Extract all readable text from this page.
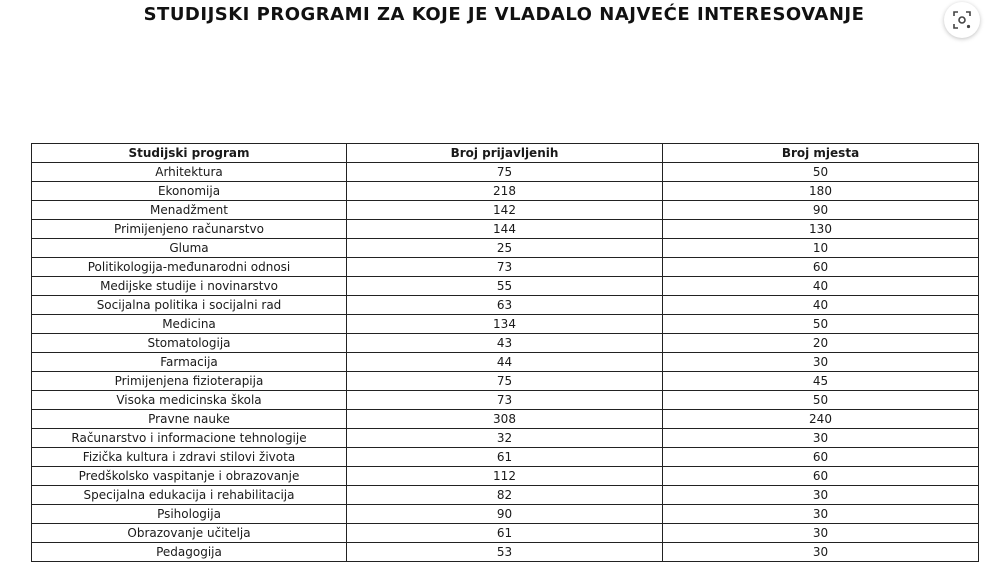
STUDIJSKI PROGRAMI ZA KOJE JE VLADALO NAJVEĆE INTERESOVANJE
Studijski program	Broj prijavljenih	Broj mjesta
Arhitektura	75	50
Ekonomija	218	180
Menadžment	142	90
Primijenjeno računarstvo	144	130
Gluma	25	10
Politikologija-međunarodni odnosi	73	60
Medijske studije i novinarstvo	55	40
Socijalna politika i socijalni rad	63	40
Medicina	134	50
Stomatologija	43	20
Farmacija	44	30
Primijenjena fizioterapija	75	45
Visoka medicinska škola	73	50
Pravne nauke	308	240
Računarstvo i informacione tehnologije	32	30
Fizička kultura i zdravi stilovi života	61	60
Predškolsko vaspitanje i obrazovanje	112	60
Specijalna edukacija i rehabilitacija	82	30
Psihologija	90	30
Obrazovanje učitelja	61	30
Pedagogija	53	30
